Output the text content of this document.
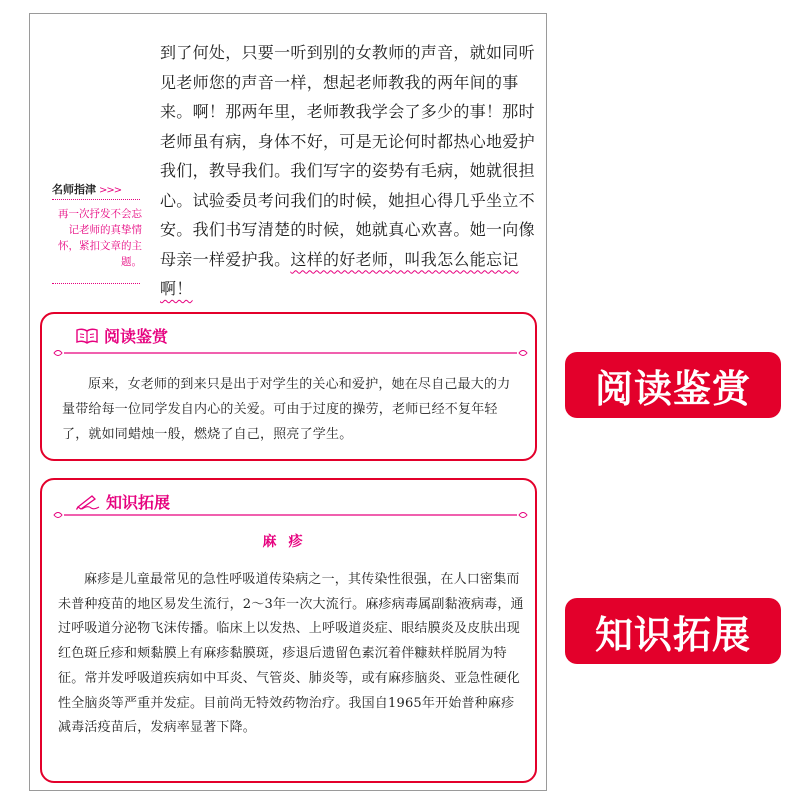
到了何处，只要一听到别的女教师的声音，就如同听见老师您的声音一样，想起老师教我的两年间的事来。啊！那两年里，老师教我学会了多少的事！那时老师虽有病，身体不好，可是无论何时都热心地爱护我们，教导我们。我们写字的姿势有毛病，她就很担心。试验委员考问我们的时候，她担心得几乎坐立不安。我们书写清楚的时候，她就真心欢喜。她一向像母亲一样爱护我。这样的好老师，叫我怎么能忘记啊！
名师指津 >>>
再一次抒发不会忘记老师的真挚情怀，紧扣文章的主题。
阅读鉴赏
原来，女老师的到来只是出于对学生的关心和爱护，她在尽自己最大的力量带给每一位同学发自内心的关爱。可由于过度的操劳，老师已经不复年轻了，就如同蜡烛一般，燃烧了自己，照亮了学生。
知识拓展
麻疹
麻疹是儿童最常见的急性呼吸道传染病之一，其传染性很强，在人口密集而未普种疫苗的地区易发生流行，2～3年一次大流行。麻疹病毒属副黏液病毒，通过呼吸道分泌物飞沫传播。临床上以发热、上呼吸道炎症、眼结膜炎及皮肤出现红色斑丘疹和颊黏膜上有麻疹黏膜斑，疹退后遗留色素沉着伴糠麸样脱屑为特征。常并发呼吸道疾病如中耳炎、气管炎、肺炎等，或有麻疹脑炎、亚急性硬化性全脑炎等严重并发症。目前尚无特效药物治疗。我国自1965年开始普种麻疹减毒活疫苗后，发病率显著下降。
阅读鉴赏
知识拓展
